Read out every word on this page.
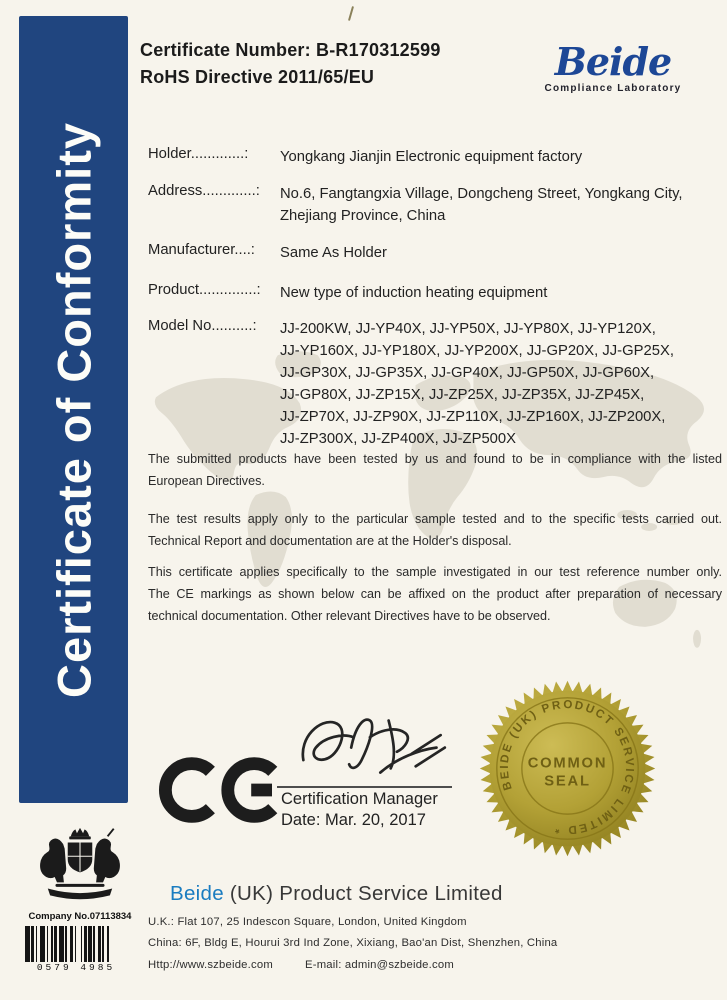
Certificate of Conformity
Certificate Number: B-R170312599
RoHS Directive 2011/65/EU	Beide
Compliance Laboratory
Holder.............:	Yongkang Jianjin Electronic equipment factory
Address.............:	No.6, Fangtangxia Village, Dongcheng Street, Yongkang City,
Zhejiang Province, China
Manufacturer....:	Same As Holder
Product..............:	New type of induction heating equipment
Model No..........:	JJ-200KW, JJ-YP40X, JJ-YP50X, JJ-YP80X, JJ-YP120X,
JJ-YP160X, JJ-YP180X, JJ-YP200X, JJ-GP20X, JJ-GP25X,
JJ-GP30X, JJ-GP35X, JJ-GP40X, JJ-GP50X, JJ-GP60X,
JJ-GP80X, JJ-ZP15X, JJ-ZP25X, JJ-ZP35X, JJ-ZP45X,
JJ-ZP70X, JJ-ZP90X, JJ-ZP110X, JJ-ZP160X, JJ-ZP200X,
JJ-ZP300X, JJ-ZP400X, JJ-ZP500X
The submitted products have been tested by us and found to be in compliance with the listed
European Directives.
The test results apply only to the particular sample tested and to the specific tests carried out.
Technical Report and documentation are at the Holder's disposal.
This certificate applies specifically to the sample investigated in our test reference number only.
The CE markings as shown below can be affixed on the product after preparation of necessary
technical documentation. Other relevant Directives have to be observed.
Certification Manager
Date: Mar. 20, 2017
BEIDE (UK) PRODUCT SERVICE LIMITED *
COMMON
SEAL
Beide (UK) Product Service Limited
U.K.: Flat 107, 25 Indescon Square, London, United Kingdom
China: 6F, Bldg E, Hourui 3rd Ind Zone, Xixiang, Bao'an Dist, Shenzhen, China
Http://www.szbeide.com	E-mail: admin@szbeide.com
Company No.07113834
0579 4985
